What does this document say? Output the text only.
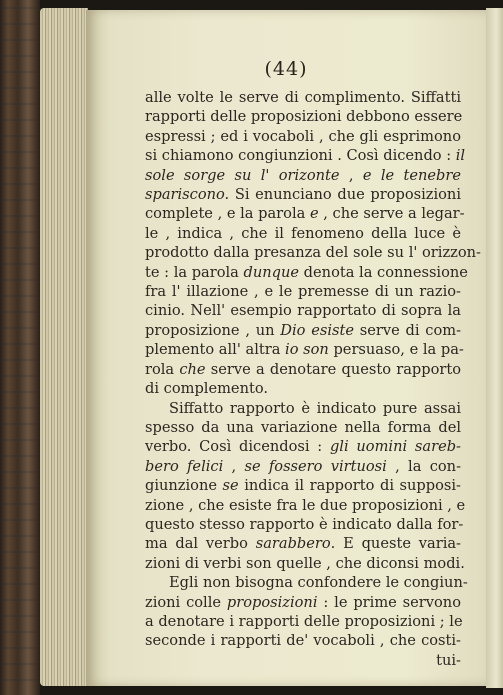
(44)
alle volte le serve di complimento. Siffatti
rapporti delle proposizioni debbono essere
espressi ; ed i vocaboli , che gli esprimono
si chiamono congiunzioni . Così dicendo : il
sole sorge su l' orizonte , e le tenebre
spariscono. Si enunciano due proposizioni
complete , e la parola e , che serve a legar-
le , indica , che il fenomeno della luce è
prodotto dalla presanza del sole su l' orizzon-
te : la parola dunque denota la connessione
fra l' illazione , e le premesse di un razio-
cinio. Nell' esempio rapportato di sopra la
proposizione , un Dio esiste serve di com-
plemento all' altra io son persuaso, e la pa-
rola che serve a denotare questo rapporto
di complemento.
Siffatto rapporto è indicato pure assai
spesso da una variazione nella forma del
verbo. Così dicendosi : gli uomini sareb-
bero felici , se fossero virtuosi , la con-
giunzione se indica il rapporto di supposi-
zione , che esiste fra le due proposizioni , e
questo stesso rapporto è indicato dalla for-
ma dal verbo sarabbero. E queste varia-
zioni di verbi son quelle , che diconsi modi.
Egli non bisogna confondere le congiun-
zioni colle proposizioni : le prime servono
a denotare i rapporti delle proposizioni ; le
seconde i rapporti de' vocaboli , che costi-
tui-
